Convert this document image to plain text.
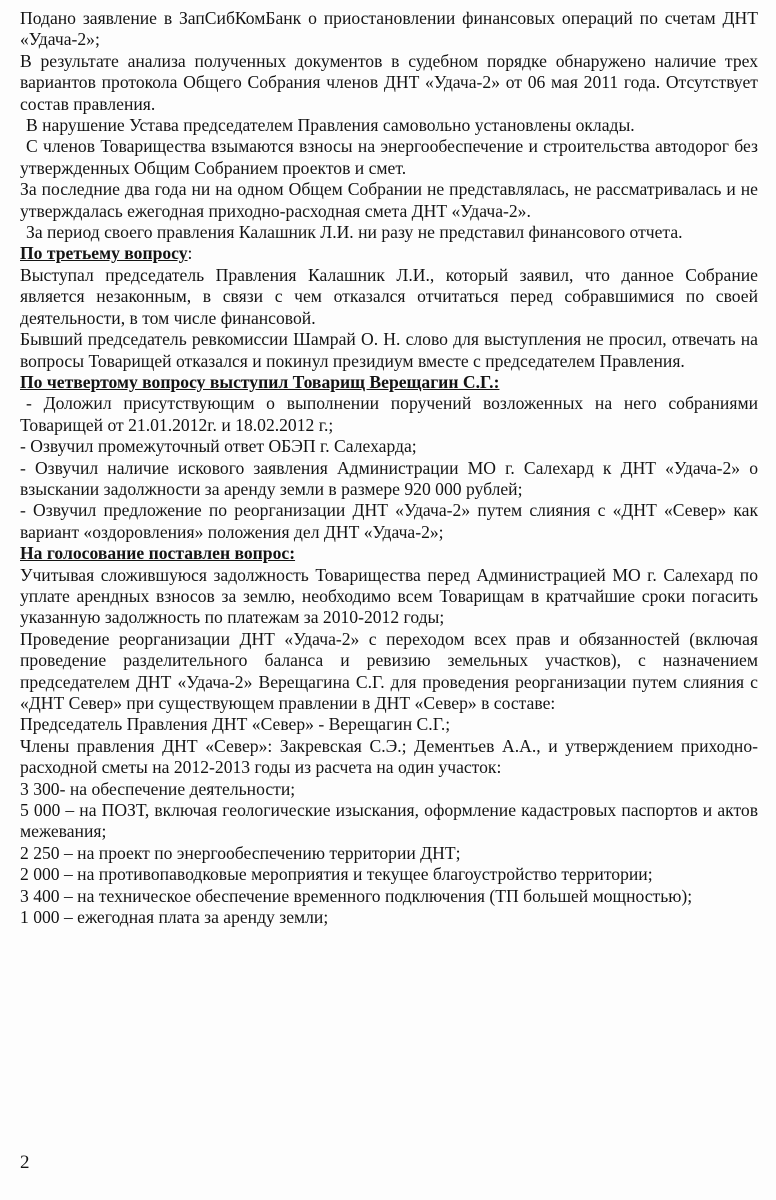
Подано заявление в ЗапСибКомБанк о приостановлении финансовых операций по счетам ДНТ «Удача-2»;

В результате анализа полученных документов в судебном порядке обнаружено наличие трех вариантов протокола Общего Собрания членов ДНТ «Удача-2» от 06 мая 2011 года. Отсутствует состав правления.

В нарушение Устава председателем Правления самовольно установлены оклады.

С членов Товарищества взымаются взносы на энергообеспечение и строительства автодорог без утвержденных Общим Собранием проектов и смет.

За последние два года ни на одном Общем Собрании не представлялась, не рассматривалась и не утверждалась ежегодная приходно-расходная смета ДНТ «Удача-2».

За период своего правления Калашник Л.И. ни разу не представил финансового отчета.

По третьему вопросу:

Выступал председатель Правления Калашник Л.И., который заявил, что данное Собрание является незаконным, в связи с чем отказался отчитаться перед собравшимися по своей деятельности, в том числе финансовой.

Бывший председатель ревкомиссии Шамрай О. Н. слово для выступления не просил, отвечать на вопросы Товарищей отказался и покинул президиум вместе с председателем Правления.

По четвертому вопросу выступил Товарищ Верещагин С.Г.:

- Доложил присутствующим о выполнении поручений возложенных на него собраниями Товарищей от 21.01.2012г. и 18.02.2012 г.;

- Озвучил промежуточный ответ ОБЭП г. Салехарда;

- Озвучил наличие искового заявления Администрации МО г. Салехард к ДНТ «Удача-2» о взыскании задолжности за аренду земли в размере 920 000 рублей;

- Озвучил предложение по реорганизации ДНТ «Удача-2» путем слияния с «ДНТ «Север» как вариант «оздоровления» положения дел ДНТ «Удача-2»;

На голосование поставлен вопрос:

Учитывая сложившуюся задолжность Товарищества перед Администрацией МО г. Салехард по уплате арендных взносов за землю, необходимо всем Товарищам в кратчайшие сроки погасить указанную задолжность по платежам за 2010-2012 годы;

Проведение реорганизации ДНТ «Удача-2» с переходом всех прав и обязанностей (включая проведение разделительного баланса и ревизию земельных участков), с назначением председателем ДНТ «Удача-2» Верещагина С.Г. для проведения реорганизации путем слияния с «ДНТ Север» при существующем правлении в ДНТ «Север» в составе:

Председатель Правления ДНТ «Север» - Верещагин С.Г.;

Члены правления ДНТ «Север»: Закревская С.Э.; Дементьев А.А., и утверждением приходно-расходной сметы на 2012-2013 годы из расчета на один участок:

3 300- на обеспечение деятельности;

5 000 – на ПОЗТ, включая геологические изыскания, оформление кадастровых паспортов и актов межевания;

2 250 – на проект по энергообеспечению территории ДНТ;

2 000 – на противопаводковые мероприятия и текущее благоустройство территории;

3 400 – на техническое обеспечение временного подключения (ТП большей мощностью);

1 000 – ежегодная плата за аренду земли;

2
